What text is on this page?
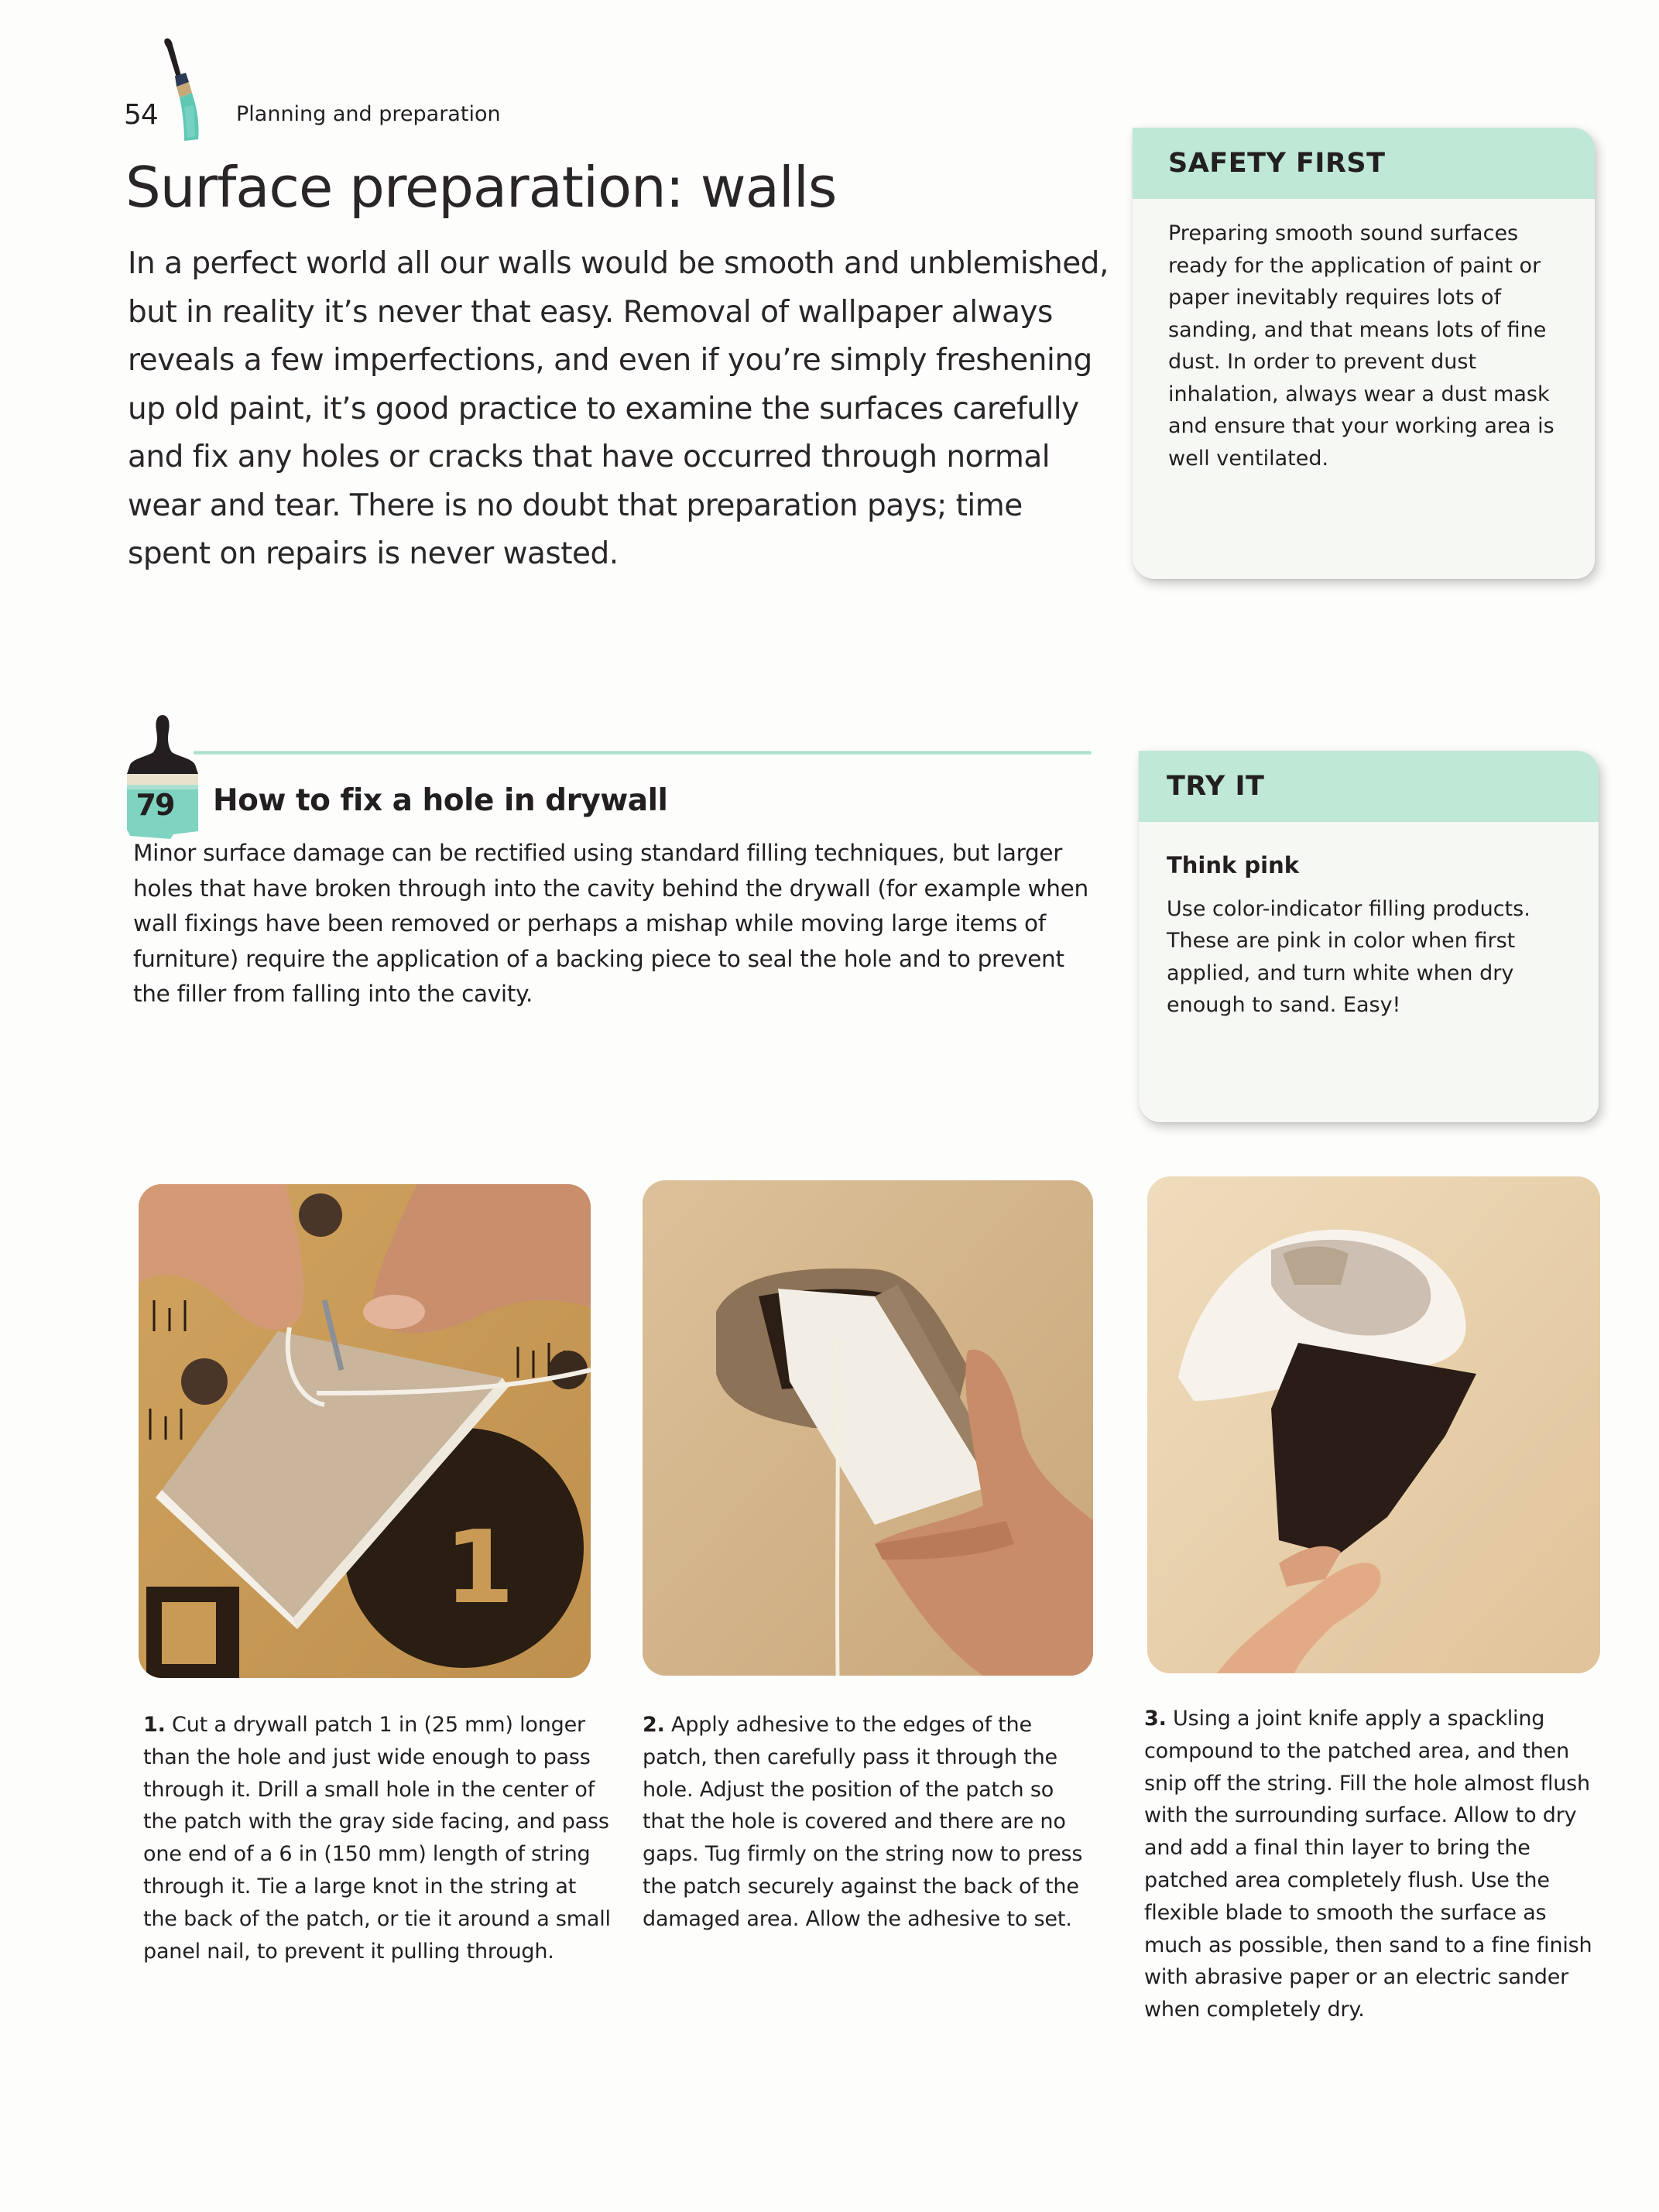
54	Planning and preparation
Surface preparation: walls

In a perfect world all our walls would be smooth and unblemished, but in reality it’s never that easy. Removal of wallpaper always reveals a few imperfections, and even if you’re simply freshening up old paint, it’s good practice to examine the surfaces carefully and fix any holes or cracks that have occurred through normal wear and tear. There is no doubt that preparation pays; time spent on repairs is never wasted.

SAFETY FIRST
Preparing smooth sound surfaces ready for the application of paint or paper inevitably requires lots of sanding, and that means lots of fine dust. In order to prevent dust inhalation, always wear a dust mask and ensure that your working area is well ventilated.
79	How to fix a hole in drywall

Minor surface damage can be rectified using standard filling techniques, but larger holes that have broken through into the cavity behind the drywall (for example when wall fixings have been removed or perhaps a mishap while moving large items of furniture) require the application of a backing piece to seal the hole and to prevent the filler from falling into the cavity.

TRY IT
Think pink
Use color-indicator filling products. These are pink in color when first applied, and turn white when dry enough to sand. Easy!
1

1. Cut a drywall patch 1 in (25 mm) longer than the hole and just wide enough to pass through it. Drill a small hole in the center of the patch with the gray side facing, and pass one end of a 6 in (150 mm) length of string through it. Tie a large knot in the string at the back of the patch, or tie it around a small panel nail, to prevent it pulling through.

2. Apply adhesive to the edges of the patch, then carefully pass it through the hole. Adjust the position of the patch so that the hole is covered and there are no gaps. Tug firmly on the string now to press the patch securely against the back of the damaged area. Allow the adhesive to set.

3. Using a joint knife apply a spackling compound to the patched area, and then snip off the string. Fill the hole almost flush with the surrounding surface. Allow to dry and add a final thin layer to bring the patched area completely flush. Use the flexible blade to smooth the surface as much as possible, then sand to a fine finish with abrasive paper or an electric sander when completely dry.
